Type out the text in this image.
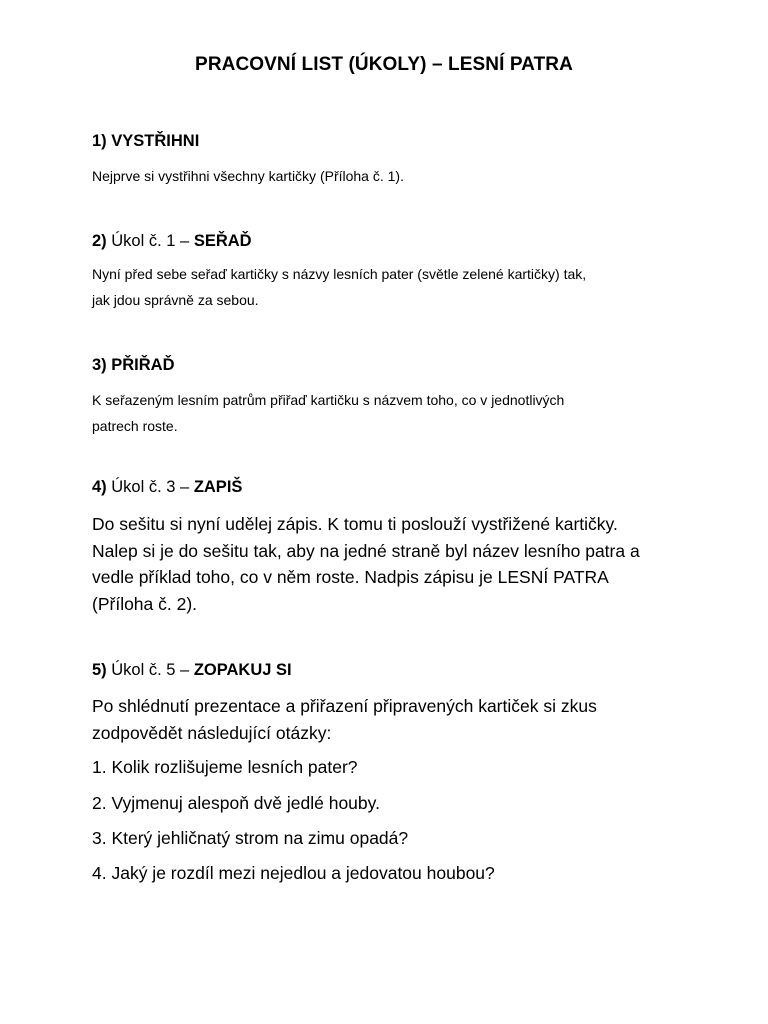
PRACOVNÍ LIST (ÚKOLY) – LESNÍ PATRA
1) VYSTŘIHNI
Nejprve si vystřihni všechny kartičky (Příloha č. 1).
2) Úkol č. 1 – SEŘAĎ
Nyní před sebe seřaď kartičky s názvy lesních pater (světle zelené kartičky) tak,
jak jdou správně za sebou.
3) PŘIŘAĎ
K seřazeným lesním patrům přiřaď kartičku s názvem toho, co v jednotlivých
patrech roste.
4) Úkol č. 3 – ZAPIŠ
Do sešitu si nyní udělej zápis. K tomu ti poslouží vystřižené kartičky.
Nalep si je do sešitu tak, aby na jedné straně byl název lesního patra a
vedle příklad toho, co v něm roste. Nadpis zápisu je LESNÍ PATRA
(Příloha č. 2).
5) Úkol č. 5 – ZOPAKUJ SI
Po shlédnutí prezentace a přiřazení připravených kartiček si zkus
zodpovědět následující otázky:
1. Kolik rozlišujeme lesních pater?
2. Vyjmenuj alespoň dvě jedlé houby.
3. Který jehličnatý strom na zimu opadá?
4. Jaký je rozdíl mezi nejedlou a jedovatou houbou?
